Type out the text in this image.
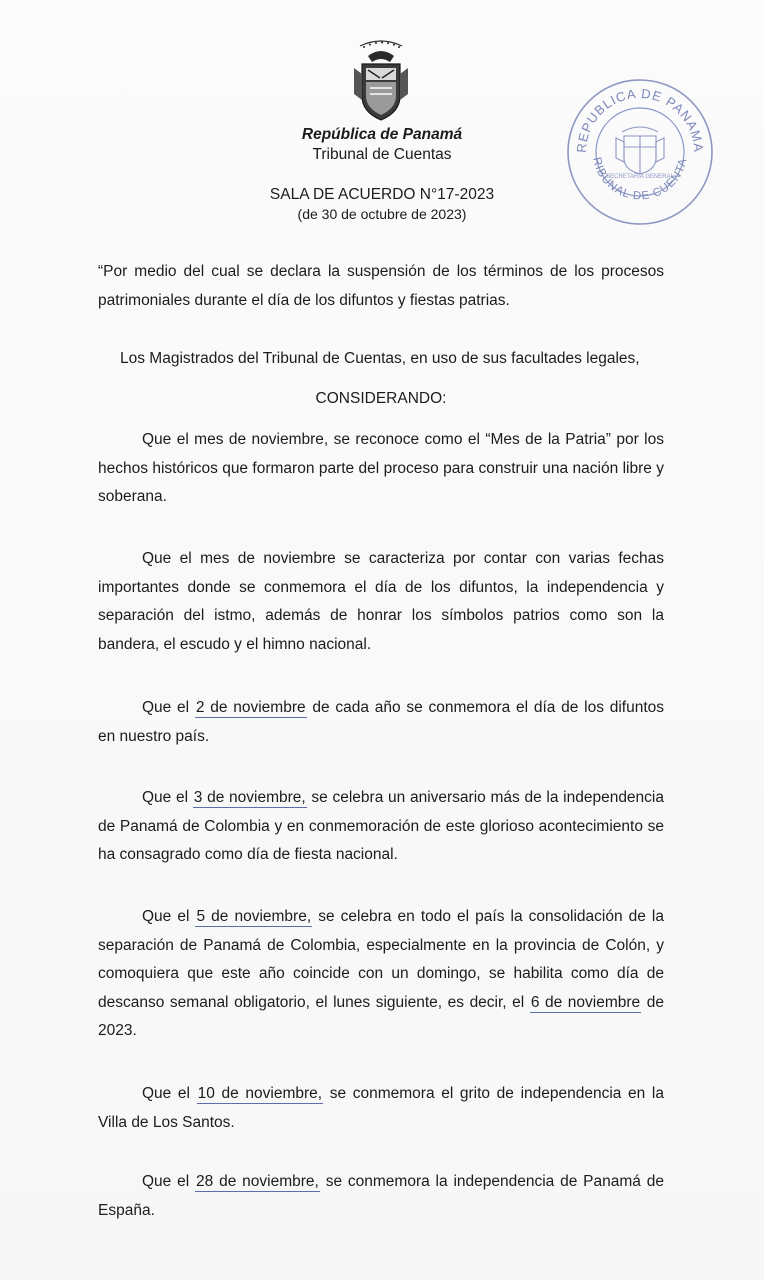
REPUBLICA DE PANAMA
RIBUNAL DE CUENTA
SECRETARIA GENERAL
República de Panamá
Tribunal de Cuentas
SALA DE ACUERDO N°17-2023
(de 30 de octubre de 2023)

“Por medio del cual se declara la suspensión de los términos de los procesos patrimoniales durante el día de los difuntos y fiestas patrias.

Los Magistrados del Tribunal de Cuentas, en uso de sus facultades legales,

CONSIDERANDO:

Que el mes de noviembre, se reconoce como el “Mes de la Patria” por los hechos históricos que formaron parte del proceso para construir una nación libre y soberana.

Que el mes de noviembre se caracteriza por contar con varias fechas importantes donde se conmemora el día de los difuntos, la independencia y separación del istmo, además de honrar los símbolos patrios como son la bandera, el escudo y el himno nacional.

Que el 2 de noviembre de cada año se conmemora el día de los difuntos en nuestro país.

Que el 3 de noviembre, se celebra un aniversario más de la independencia de Panamá de Colombia y en conmemoración de este glorioso acontecimiento se ha consagrado como día de fiesta nacional.

Que el 5 de noviembre, se celebra en todo el país la consolidación de la separación de Panamá de Colombia, especialmente en la provincia de Colón, y comoquiera que este año coincide con un domingo, se habilita como día de descanso semanal obligatorio, el lunes siguiente, es decir, el 6 de noviembre de 2023.

Que el 10 de noviembre, se conmemora el grito de independencia en la Villa de Los Santos.

Que el 28 de noviembre, se conmemora la independencia de Panamá de España.
